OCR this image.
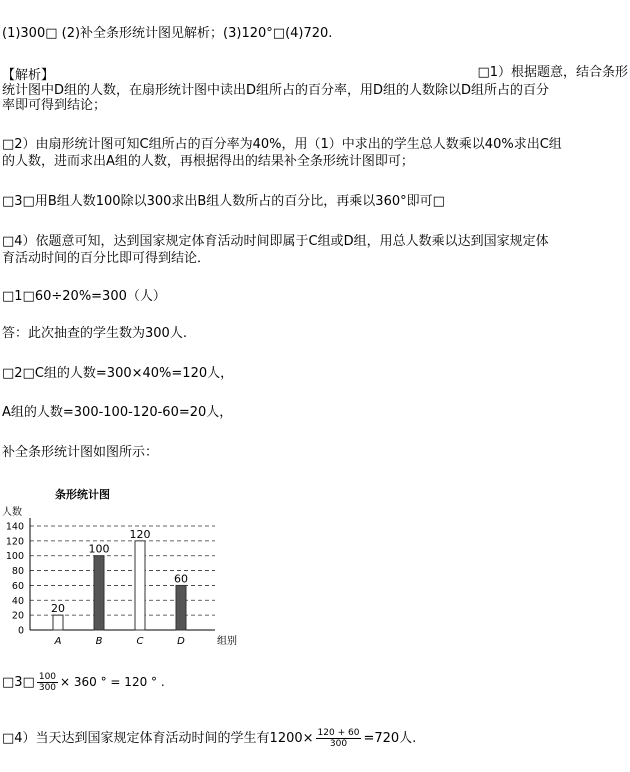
(1)300□ (2)补全条形统计图见解析；(3)120°□(4)720.
【解析】	□1）根据题意，结合条形
统计图中D组的人数，在扇形统计图中读出D组所占的百分率，用D组的人数除以D组所占的百分
率即可得到结论；
□2）由扇形统计图可知C组所占的百分率为40%，用（1）中求出的学生总人数乘以40%求出C组
的人数，进而求出A组的人数，再根据得出的结果补全条形统计图即可；
□3□用B组人数100除以300求出B组人数所占的百分比，再乘以360°即可□
□4）依题意可知，达到国家规定体育活动时间即属于C组或D组，用总人数乘以达到国家规定体
育活动时间的百分比即可得到结论．
□1□60÷20%=300（人）
答：此次抽查的学生数为300人.
□2□C组的人数=300×40%=120人，
A组的人数=300-100-120-60=20人，
补全条形统计图如图所示：
条形统计图
人数
0
20
40
60
80
100
120
140
组别
20
A
100
B
120
C
60
D
□3□ $\frac{100}{300} \times 360$ ° = 120 ° .
□4）当天达到国家规定体育活动时间的学生有$1200\times \frac{120 + 60}{300} =720$人.
